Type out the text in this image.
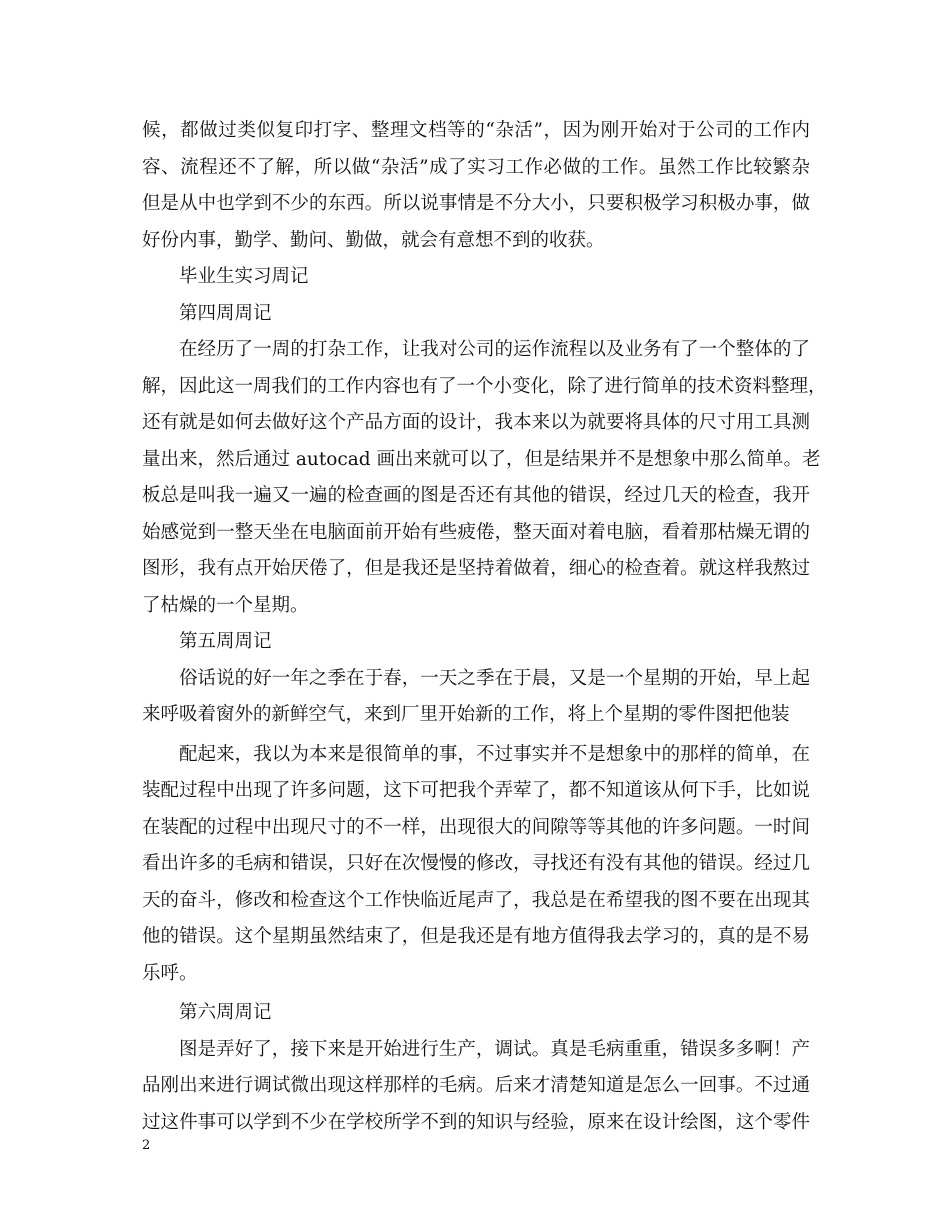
候，都做过类似复印打字、整理文档等的“杂活”，因为刚开始对于公司的工作内
容、流程还不了解，所以做“杂活”成了实习工作必做的工作。虽然工作比较繁杂
但是从中也学到不少的东西。所以说事情是不分大小，只要积极学习积极办事，做
好份内事，勤学、勤问、勤做，就会有意想不到的收获。
毕业生实习周记
第四周周记
在经历了一周的打杂工作，让我对公司的运作流程以及业务有了一个整体的了
解，因此这一周我们的工作内容也有了一个小变化，除了进行简单的技术资料整理，
还有就是如何去做好这个产品方面的设计，我本来以为就要将具体的尺寸用工具测
量出来，然后通过 autocad 画出来就可以了，但是结果并不是想象中那么简单。老
板总是叫我一遍又一遍的检查画的图是否还有其他的错误，经过几天的检查，我开
始感觉到一整天坐在电脑面前开始有些疲倦，整天面对着电脑，看着那枯燥无谓的
图形，我有点开始厌倦了，但是我还是坚持着做着，细心的检查着。就这样我熬过
了枯燥的一个星期。
第五周周记
俗话说的好一年之季在于春，一天之季在于晨，又是一个星期的开始，早上起
来呼吸着窗外的新鲜空气，来到厂里开始新的工作，将上个星期的零件图把他装
配起来，我以为本来是很简单的事，不过事实并不是想象中的那样的简单，在
装配过程中出现了许多问题，这下可把我个弄荤了，都不知道该从何下手，比如说
在装配的过程中出现尺寸的不一样，出现很大的间隙等等其他的许多问题。一时间
看出许多的毛病和错误，只好在次慢慢的修改，寻找还有没有其他的错误。经过几
天的奋斗，修改和检查这个工作快临近尾声了，我总是在希望我的图不要在出现其
他的错误。这个星期虽然结束了，但是我还是有地方值得我去学习的，真的是不易
乐呼。
第六周周记
图是弄好了，接下来是开始进行生产，调试。真是毛病重重，错误多多啊！产
品刚出来进行调试微出现这样那样的毛病。后来才清楚知道是怎么一回事。不过通
过这件事可以学到不少在学校所学不到的知识与经验，原来在设计绘图，这个零件
2
